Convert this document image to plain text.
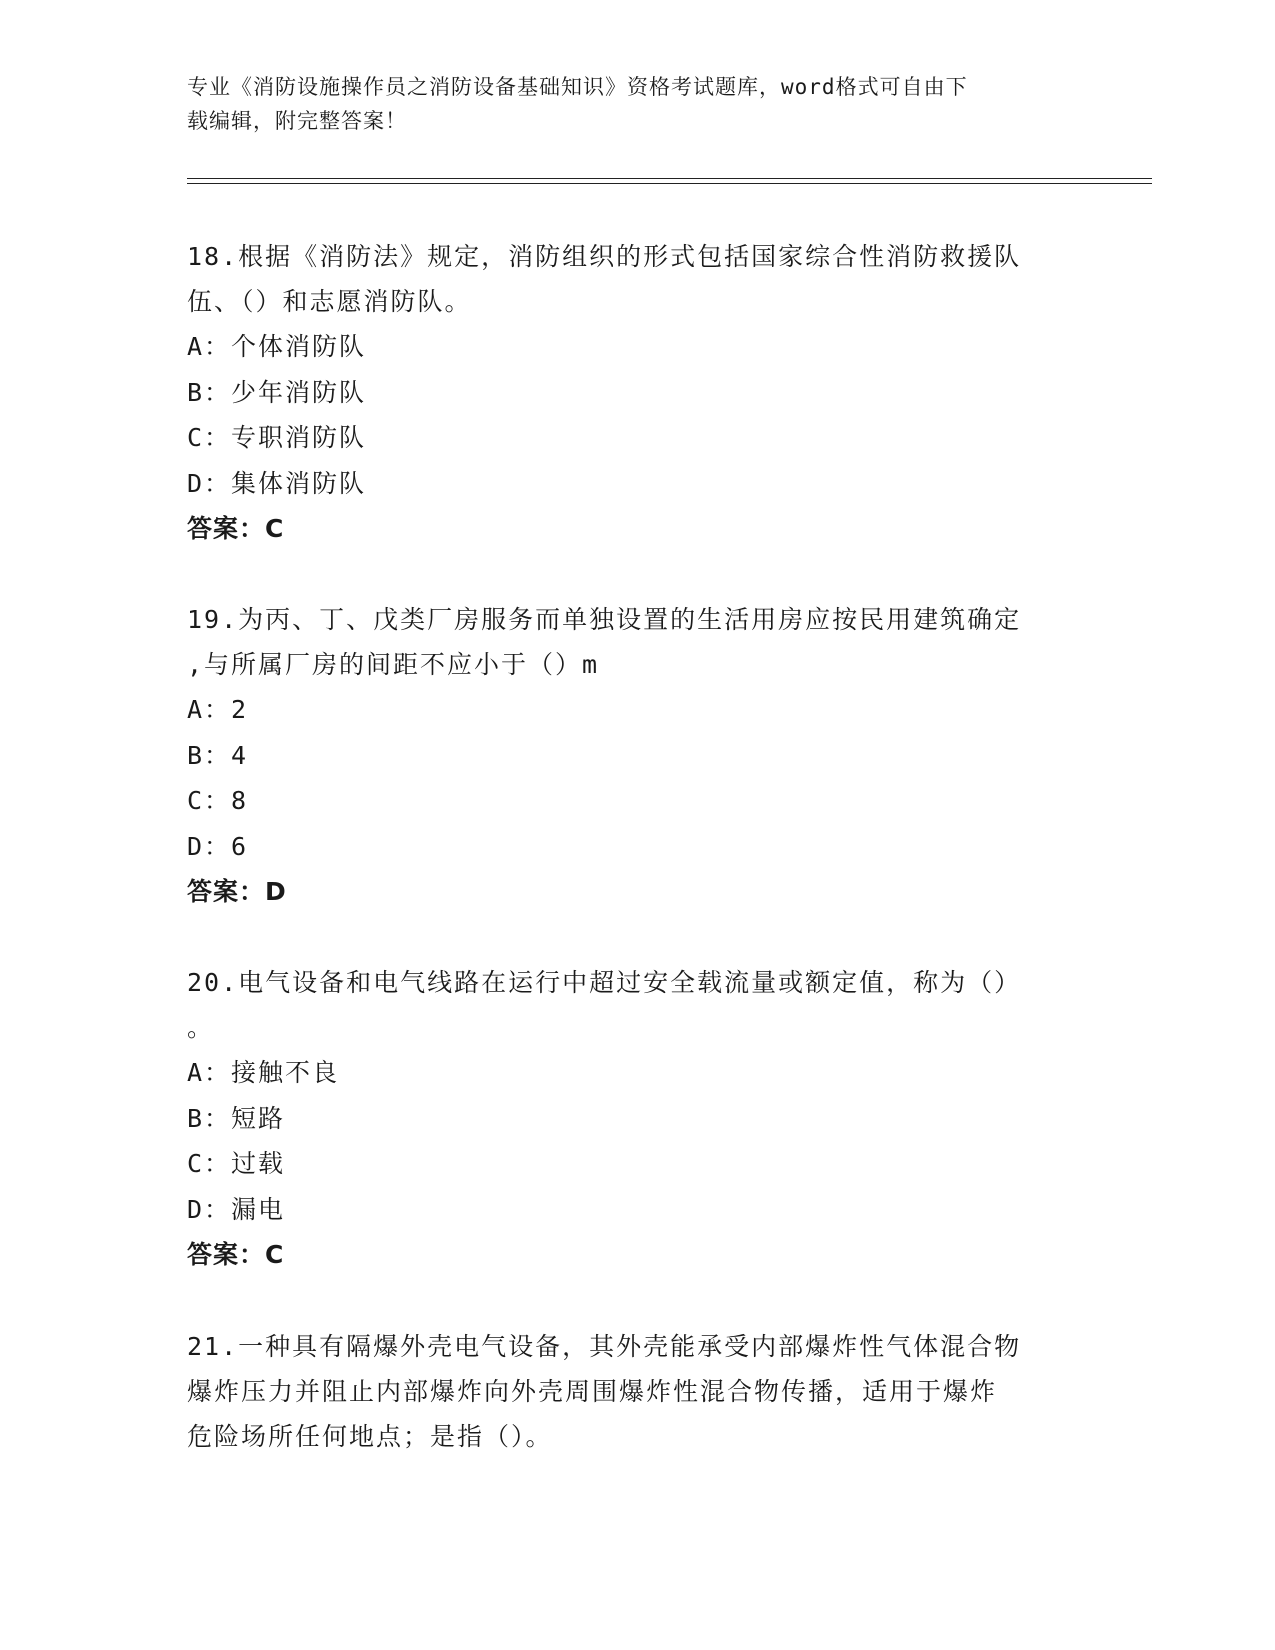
专业《消防设施操作员之消防设备基础知识》资格考试题库，word格式可自由下
载编辑，附完整答案！

18.根据《消防法》规定，消防组织的形式包括国家综合性消防救援队

伍、（）和志愿消防队。

A：个体消防队

B：少年消防队

C：专职消防队

D：集体消防队

答案：C

19.为丙、丁、戊类厂房服务而单独设置的生活用房应按民用建筑确定

,与所属厂房的间距不应小于（）m

A：2

B：4

C：8

D：6

答案：D

20.电气设备和电气线路在运行中超过安全载流量或额定值，称为（）

。

A：接触不良

B：短路

C：过载

D：漏电

答案：C

21.一种具有隔爆外壳电气设备，其外壳能承受内部爆炸性气体混合物

爆炸压力并阻止内部爆炸向外壳周围爆炸性混合物传播，适用于爆炸

危险场所任何地点；是指（）。
